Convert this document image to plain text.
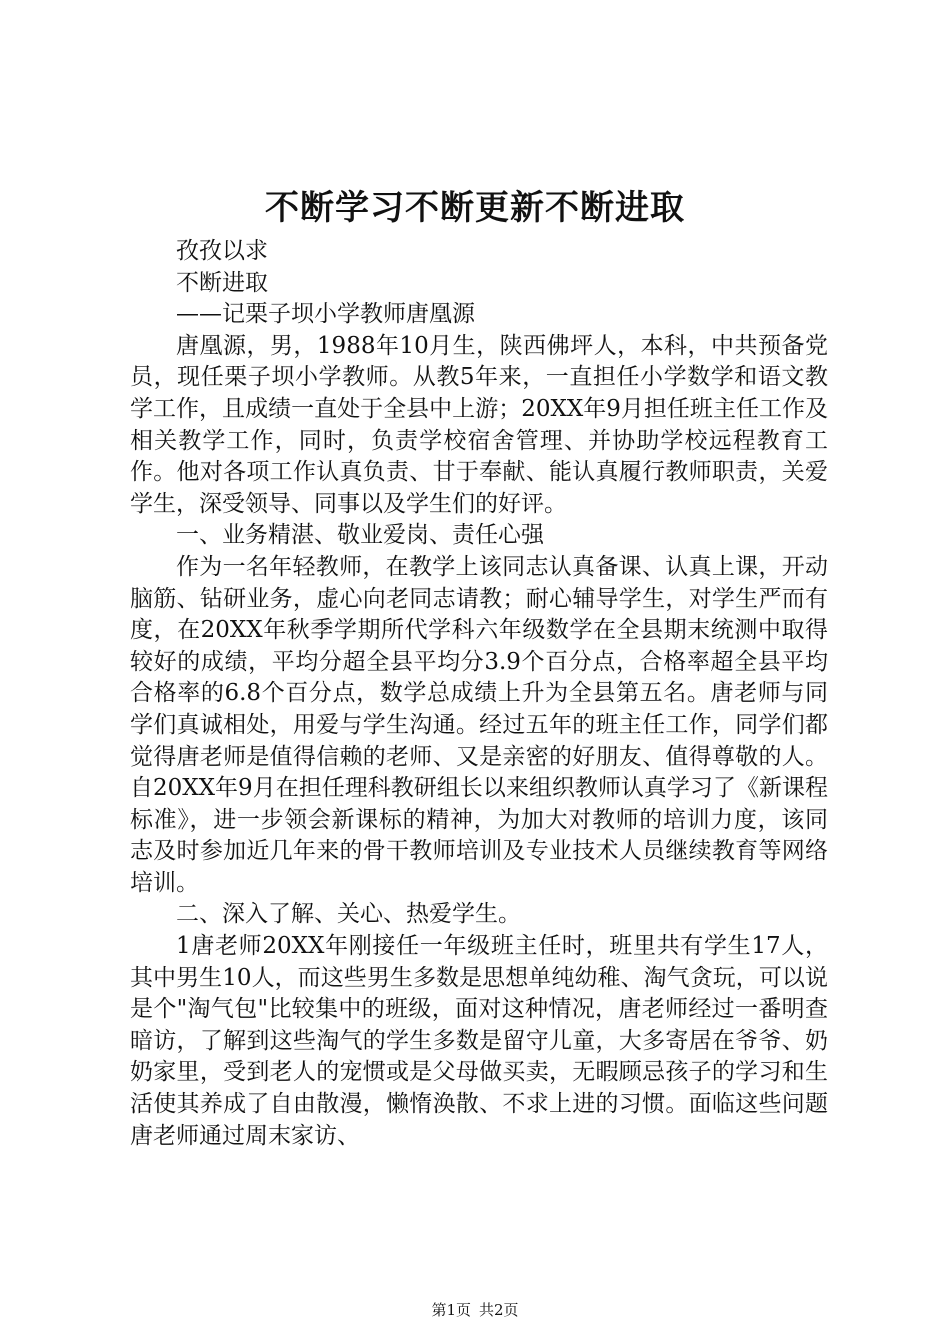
不断学习不断更新不断进取

孜孜以求

不断进取

——记栗子坝小学教师唐凰源

唐凰源，男，1988年10月生，陕西佛坪人，本科，中共预备党员，现任栗子坝小学教师。从教5年来，一直担任小学数学和语文教学工作，且成绩一直处于全县中上游；20XX年9月担任班主任工作及相关教学工作，同时，负责学校宿舍管理、并协助学校远程教育工作。他对各项工作认真负责、甘于奉献、能认真履行教师职责，关爱学生，深受领导、同事以及学生们的好评。

一、业务精湛、敬业爱岗、责任心强

作为一名年轻教师，在教学上该同志认真备课、认真上课，开动脑筋、钻研业务，虚心向老同志请教；耐心辅导学生，对学生严而有度，在20XX年秋季学期所代学科六年级数学在全县期末统测中取得较好的成绩，平均分超全县平均分3.9个百分点，合格率超全县平均合格率的6.8个百分点，数学总成绩上升为全县第五名。唐老师与同学们真诚相处，用爱与学生沟通。经过五年的班主任工作，同学们都觉得唐老师是值得信赖的老师、又是亲密的好朋友、值得尊敬的人。自20XX年9月在担任理科教研组长以来组织教师认真学习了《新课程标准》，进一步领会新课标的精神，为加大对教师的培训力度，该同志及时参加近几年来的骨干教师培训及专业技术人员继续教育等网络培训。

二、深入了解、关心、热爱学生。

1唐老师20XX年刚接任一年级班主任时，班里共有学生17人，其中男生10人，而这些男生多数是思想单纯幼稚、淘气贪玩，可以说是个"淘气包"比较集中的班级，面对这种情况，唐老师经过一番明查暗访，了解到这些淘气的学生多数是留守儿童，大多寄居在爷爷、奶奶家里，受到老人的宠惯或是父母做买卖，无暇顾忌孩子的学习和生活使其养成了自由散漫，懒惰涣散、不求上进的习惯。面临这些问题唐老师通过周末家访、

第1页 共2页
